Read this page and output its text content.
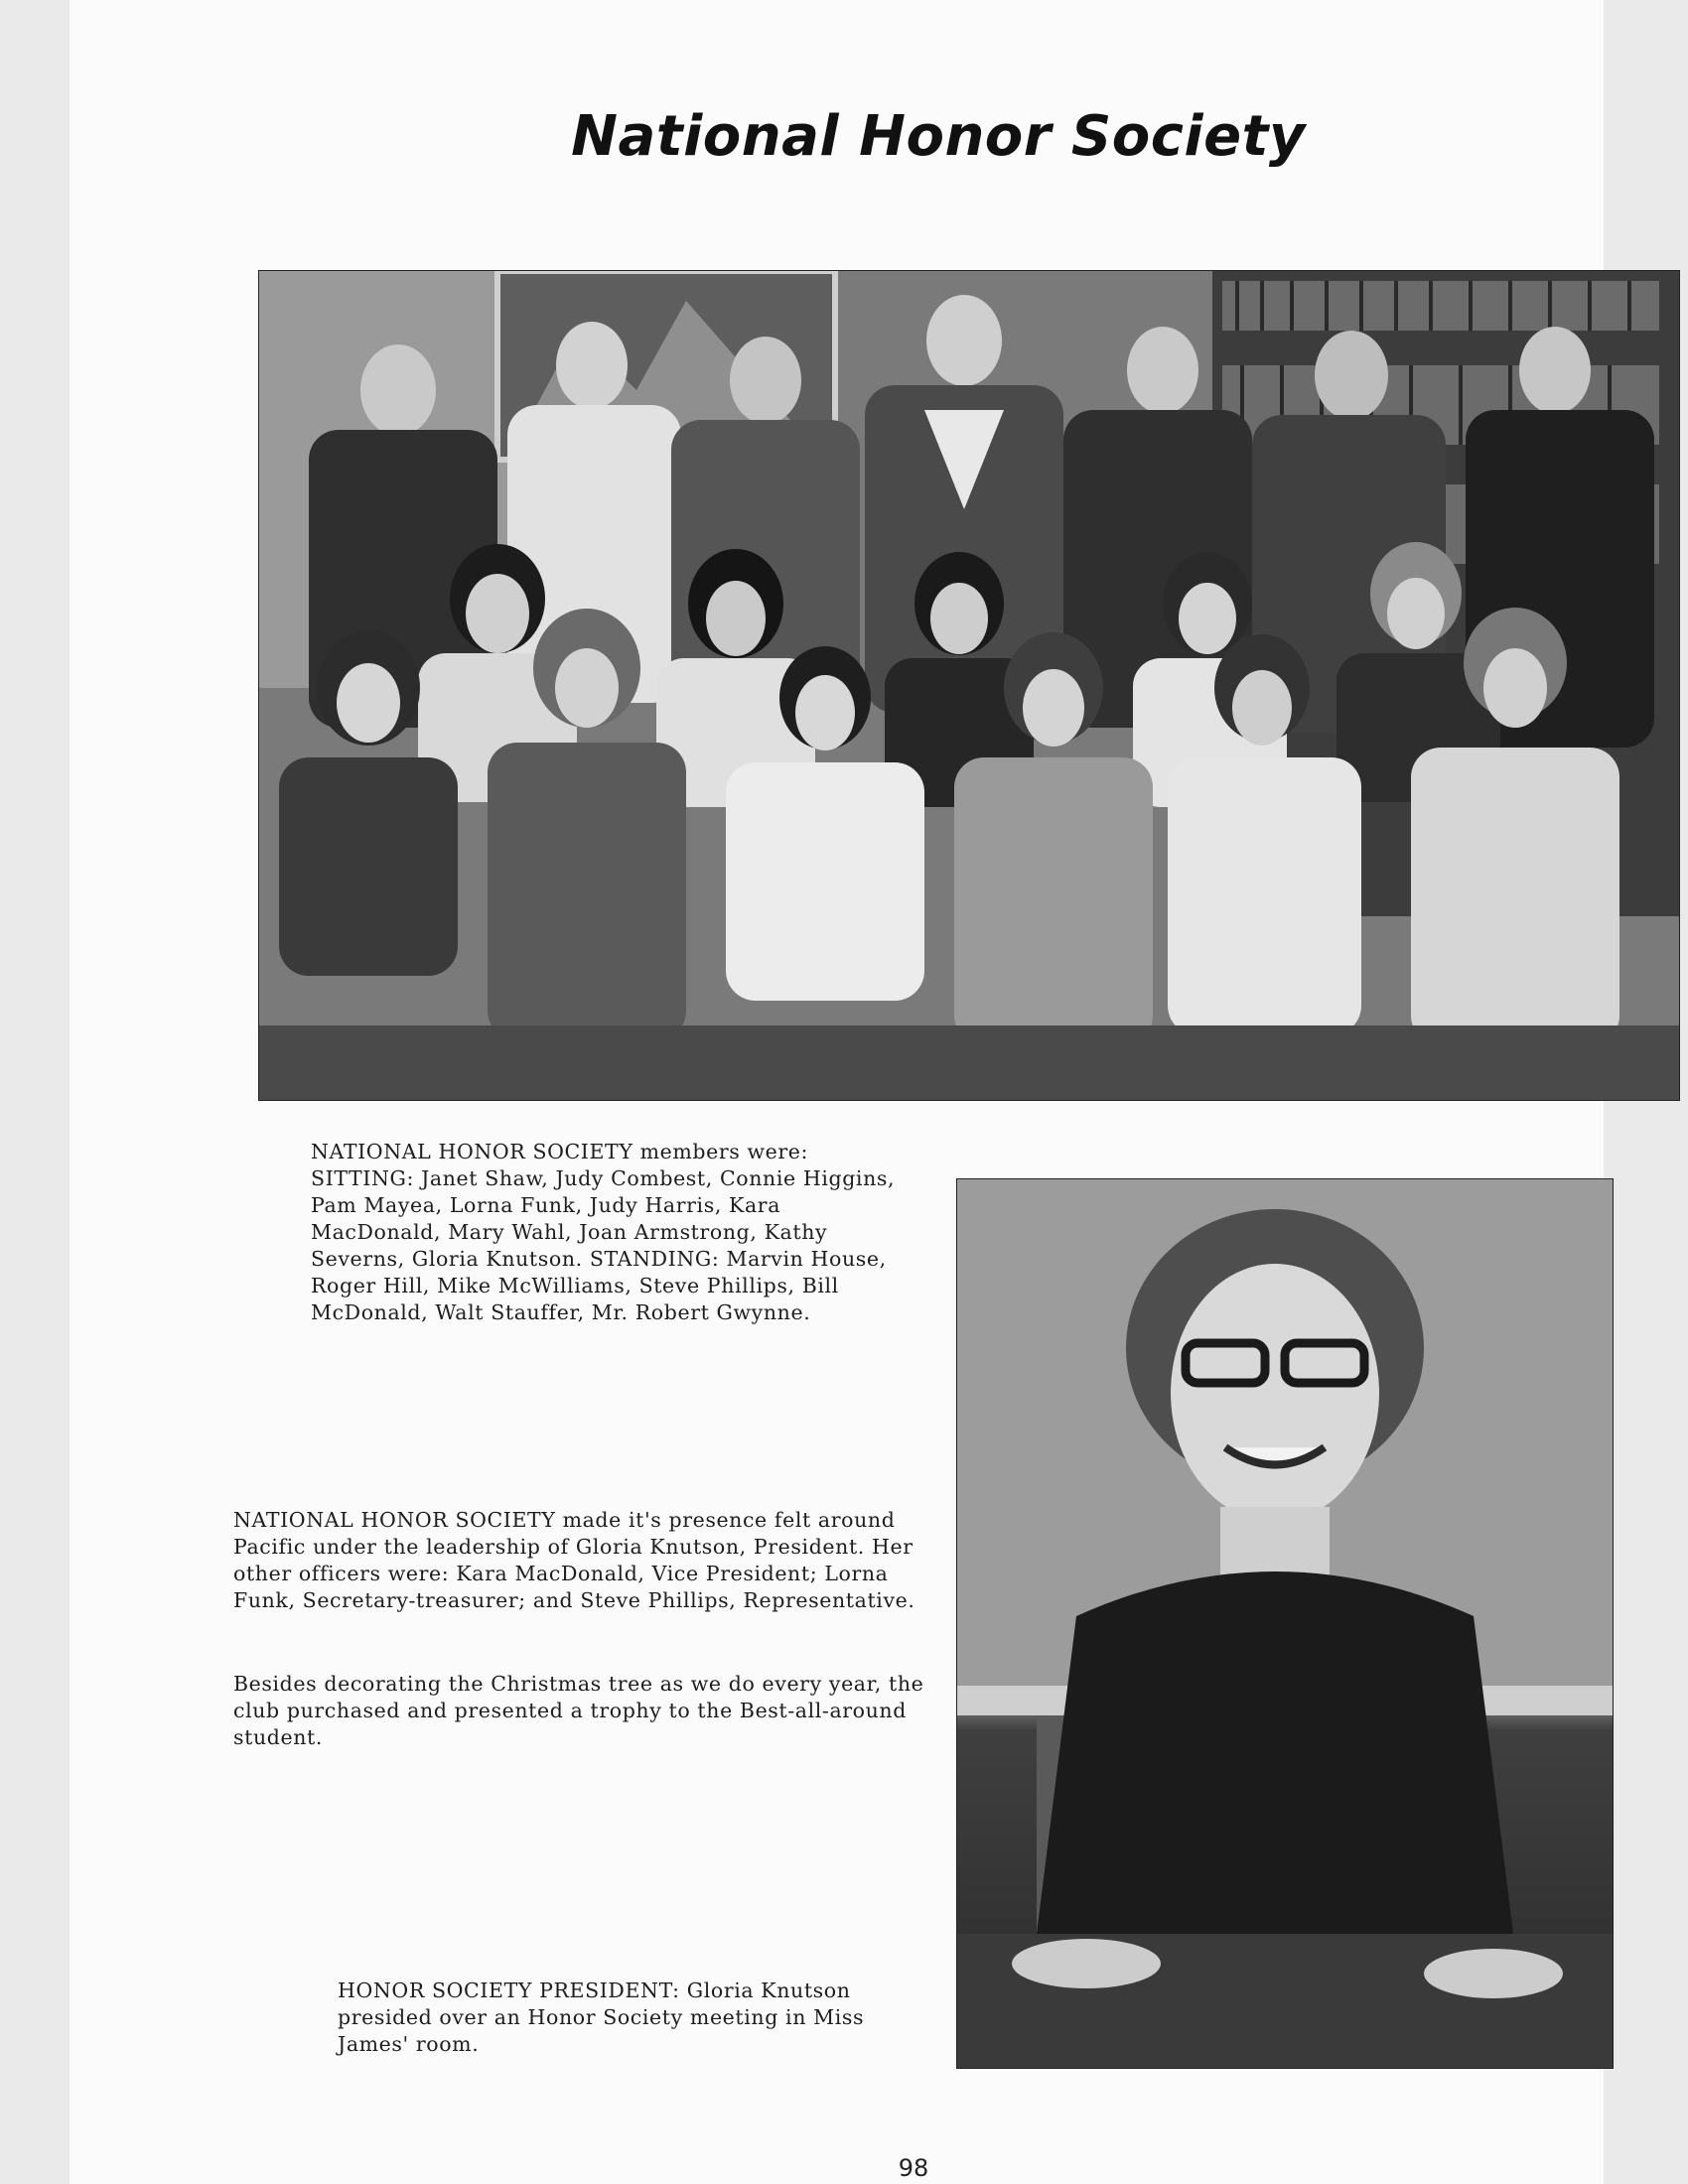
National Honor Society

NATIONAL HONOR SOCIETY members were: SITTING: Janet Shaw, Judy Combest, Connie Higgins, Pam Mayea, Lorna Funk, Judy Harris, Kara MacDonald, Mary Wahl, Joan Armstrong, Kathy Severns, Gloria Knutson. STANDING: Marvin House, Roger Hill, Mike McWilliams, Steve Phillips, Bill McDonald, Walt Stauffer, Mr. Robert Gwynne.

NATIONAL HONOR SOCIETY made it's presence felt around Pacific under the leadership of Gloria Knutson, President. Her other officers were: Kara MacDonald, Vice President; Lorna Funk, Secretary-treasurer; and Steve Phillips, Representative.

Besides decorating the Christmas tree as we do every year, the club purchased and presented a trophy to the Best-all-around student.

HONOR SOCIETY PRESIDENT: Gloria Knutson presided over an Honor Society meeting in Miss James' room.

98
